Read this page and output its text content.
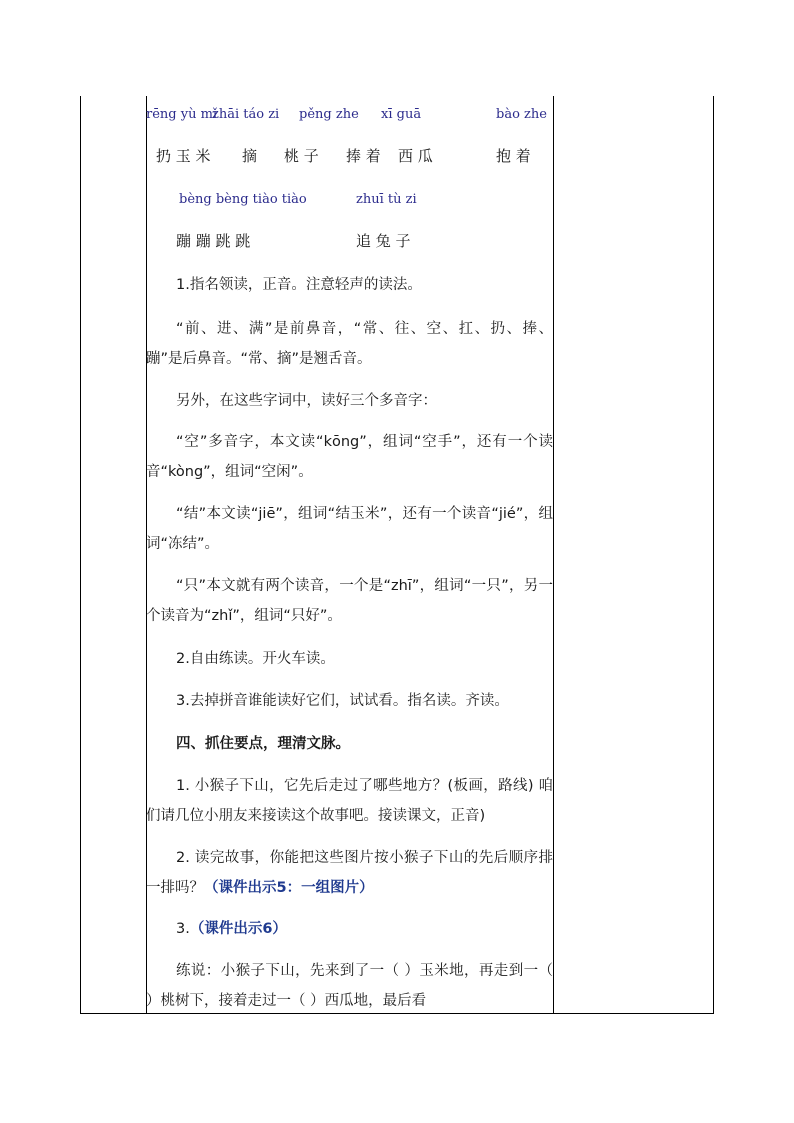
rēng yù mǐ
zhāi táo zi pěng zhe xī guā	bào zhe
扔 玉 米 摘 桃 子 捧 着 西 瓜	抱 着
bèng bèng tiào tiào	zhuī tù zi
蹦 蹦 跳 跳	追 兔 子
1.指名领读，正音。注意轻声的读法。
“前、进、满”是前鼻音，“常、往、空、扛、扔、捧、蹦”是后鼻音。“常、摘”是翘舌音。
另外，在这些字词中，读好三个多音字：
“空”多音字，本文读“kōng”，组词“空手”，还有一个读音“kòng”，组词“空闲”。
“结”本文读“jiē”，组词“结玉米”，还有一个读音“jié”，组词“冻结”。
“只”本文就有两个读音，一个是“zhī”，组词“一只”，另一个读音为“zhǐ”，组词“只好”。
2.自由练读。开火车读。
3.去掉拼音谁能读好它们，试试看。指名读。齐读。
四、抓住要点，理清文脉。
1. 小猴子下山，它先后走过了哪些地方？(板画，路线) 咱们请几位小朋友来接读这个故事吧。接读课文，正音)
2. 读完故事，你能把这些图片按小猴子下山的先后顺序排一排吗？（课件出示5：一组图片）
3.（课件出示6）
练说：小猴子下山，先来到了一（ ）玉米地，再走到一（ ）桃树下，接着走过一（ ）西瓜地，最后看
